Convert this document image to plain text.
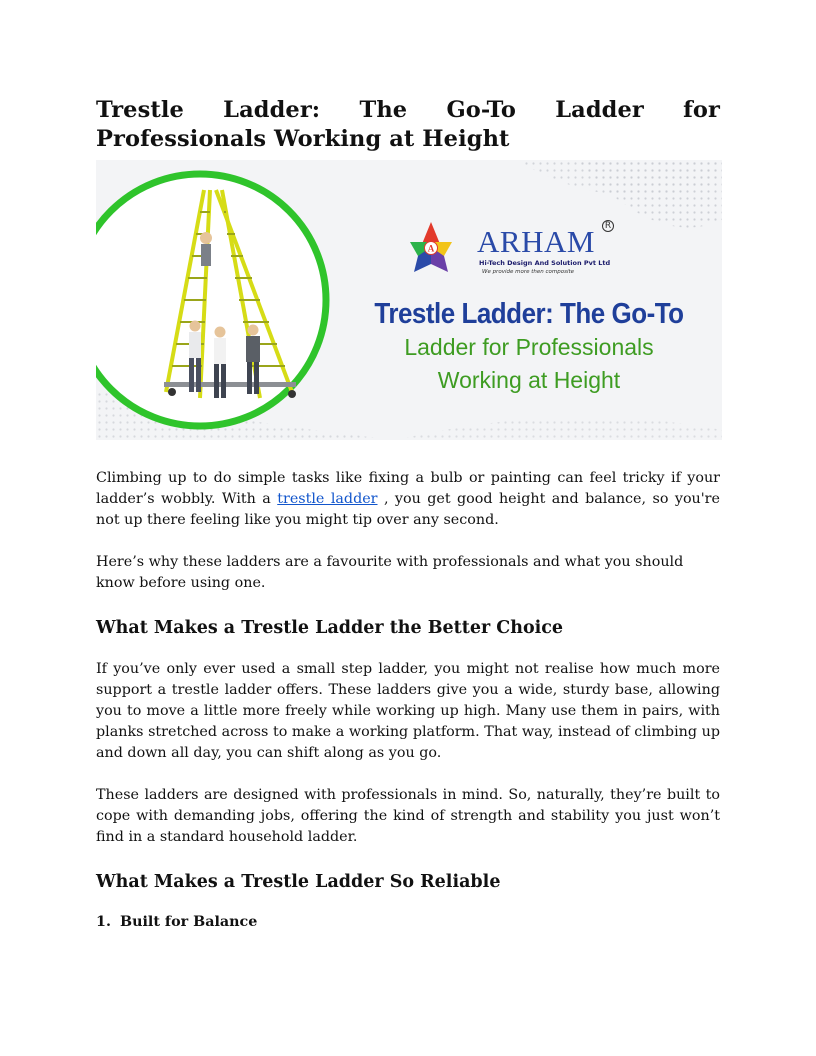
Trestle Ladder: The Go-To Ladder for Professionals Working at Height
A ARHAM	R
Hi-Tech Design And Solution Pvt Ltd
We provide more then composite
Trestle Ladder: The Go-To
Ladder for Professionals
Working at Height

Climbing up to do simple tasks like fixing a bulb or painting can feel tricky if your ladder’s wobbly. With a trestle ladder , you get good height and balance, so you're not up there feeling like you might tip over any second.

Here’s why these ladders are a favourite with professionals and what you should know before using one.

What Makes a Trestle Ladder the Better Choice

If you’ve only ever used a small step ladder, you might not realise how much more support a trestle ladder offers. These ladders give you a wide, sturdy base, allowing you to move a little more freely while working up high. Many use them in pairs, with planks stretched across to make a working platform. That way, instead of climbing up and down all day, you can shift along as you go.

These ladders are designed with professionals in mind. So, naturally, they’re built to cope with demanding jobs, offering the kind of strength and stability you just won’t find in a standard household ladder.

What Makes a Trestle Ladder So Reliable
1. Built for Balance
